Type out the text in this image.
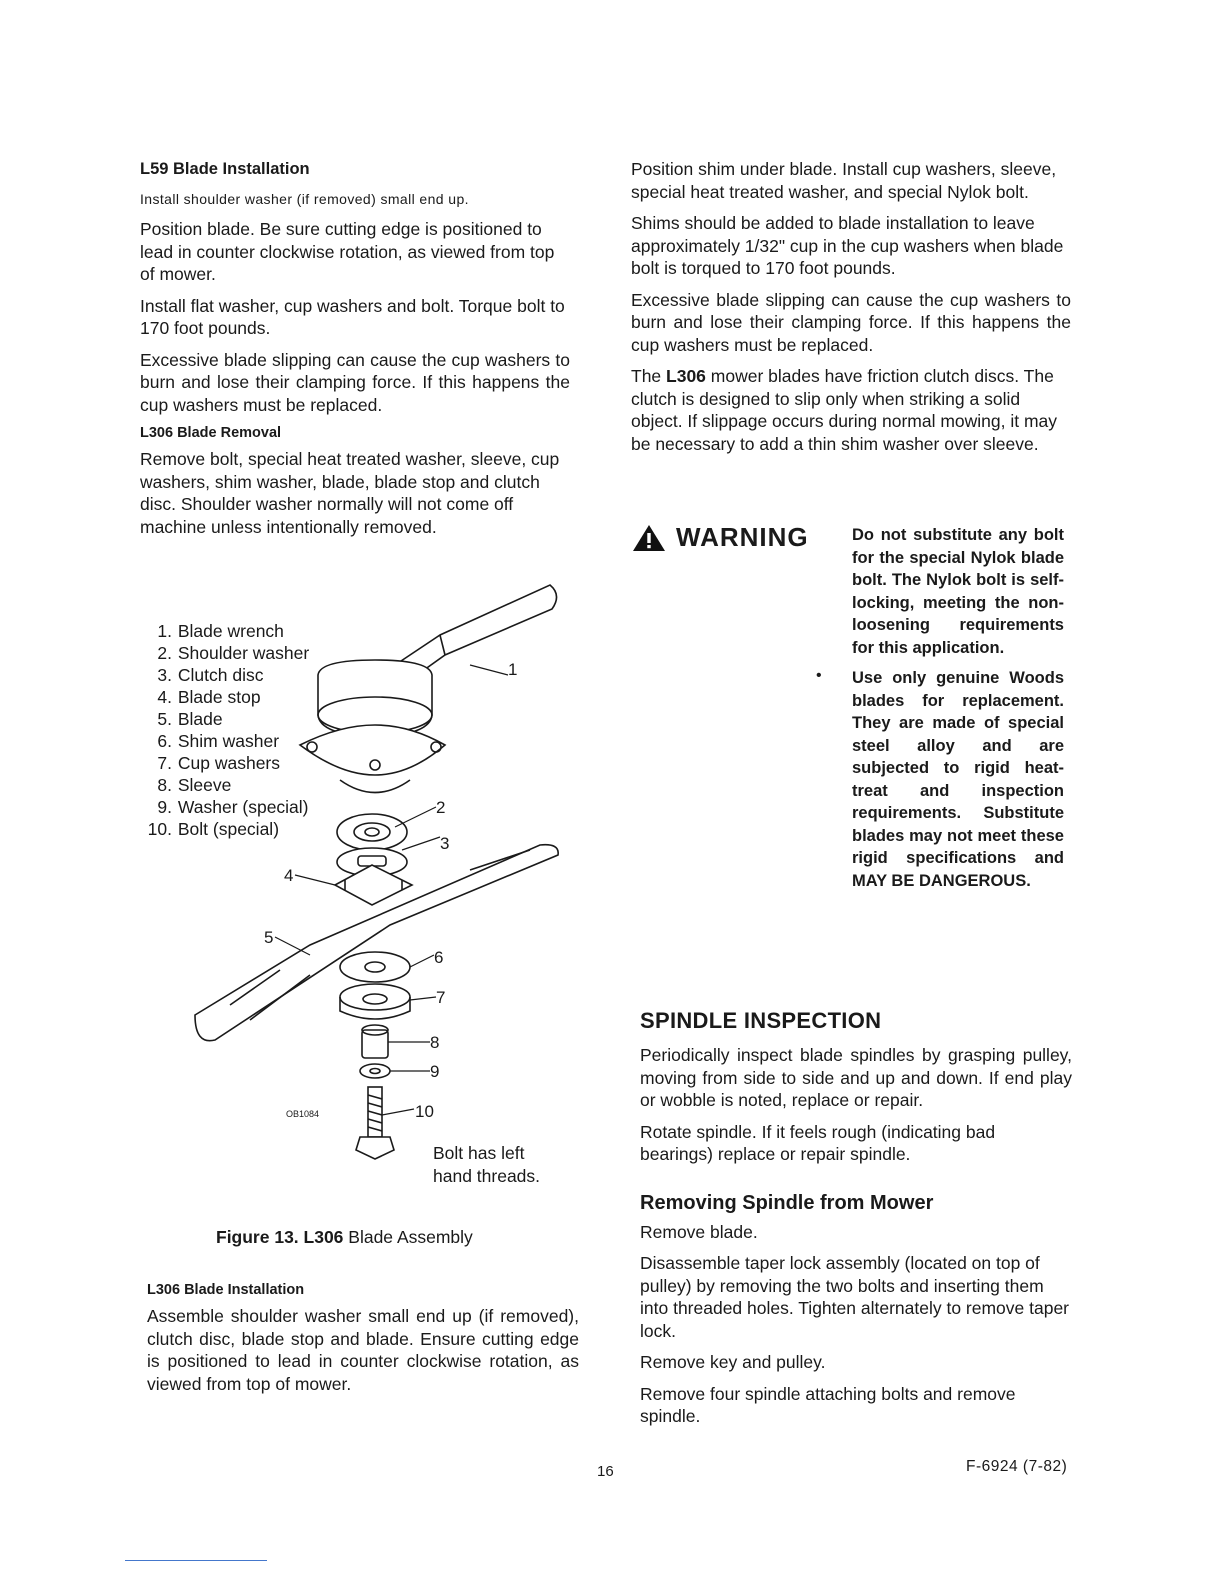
L59 Blade Installation

Install shoulder washer (if removed) small end up.

Position blade. Be sure cutting edge is positioned to lead in counter clockwise rotation, as viewed from top of mower.

Install flat washer, cup washers and bolt. Torque bolt to 170 foot pounds.

Excessive blade slipping can cause the cup washers to burn and lose their clamping force. If this happens the cup washers must be replaced.

L306 Blade Removal

Remove bolt, special heat treated washer, sleeve, cup washers, shim washer, blade, blade stop and clutch disc. Shoulder washer normally will not come off machine unless intentionally removed.

1. Blade wrench
2. Shoulder washer
3. Clutch disc
4. Blade stop
5. Blade
6. Shim washer
7. Cup washers
8. Sleeve
9. Washer (special)
10. Bolt (special)
1
2
3
4
5
6
7
8
9
10
OB1084
Bolt has left
hand threads.
Figure 13. L306 Blade Assembly
L306 Blade Installation

Assemble shoulder washer small end up (if removed), clutch disc, blade stop and blade. Ensure cutting edge is positioned to lead in counter clockwise rotation, as viewed from top of mower.

Position shim under blade. Install cup washers, sleeve, special heat treated washer, and special Nylok bolt.

Shims should be added to blade installation to leave approximately 1/32" cup in the cup washers when blade bolt is torqued to 170 foot pounds.

Excessive blade slipping can cause the cup washers to burn and lose their clamping force. If this happens the cup washers must be replaced.

The L306 mower blades have friction clutch discs. The clutch is designed to slip only when striking a solid object. If slippage occurs during normal mowing, it may be necessary to add a thin shim washer over sleeve.

WARNING	Do not substitute any bolt for the special Nylok blade bolt. The Nylok bolt is self-locking, meeting the non-loosening requirements for this application.

• Use only genuine Woods blades for replacement. They are made of special steel alloy and are subjected to rigid heat-treat and inspection requirements. Substitute blades may not meet these rigid specifications and MAY BE DANGEROUS.

SPINDLE INSPECTION

Periodically inspect blade spindles by grasping pulley, moving from side to side and up and down. If end play or wobble is noted, replace or repair.

Rotate spindle. If it feels rough (indicating bad bearings) replace or repair spindle.

Removing Spindle from Mower

Remove blade.

Disassemble taper lock assembly (located on top of pulley) by removing the two bolts and inserting them into threaded holes. Tighten alternately to remove taper lock.

Remove key and pulley.

Remove four spindle attaching bolts and remove spindle.

16	F-6924 (7-82)
